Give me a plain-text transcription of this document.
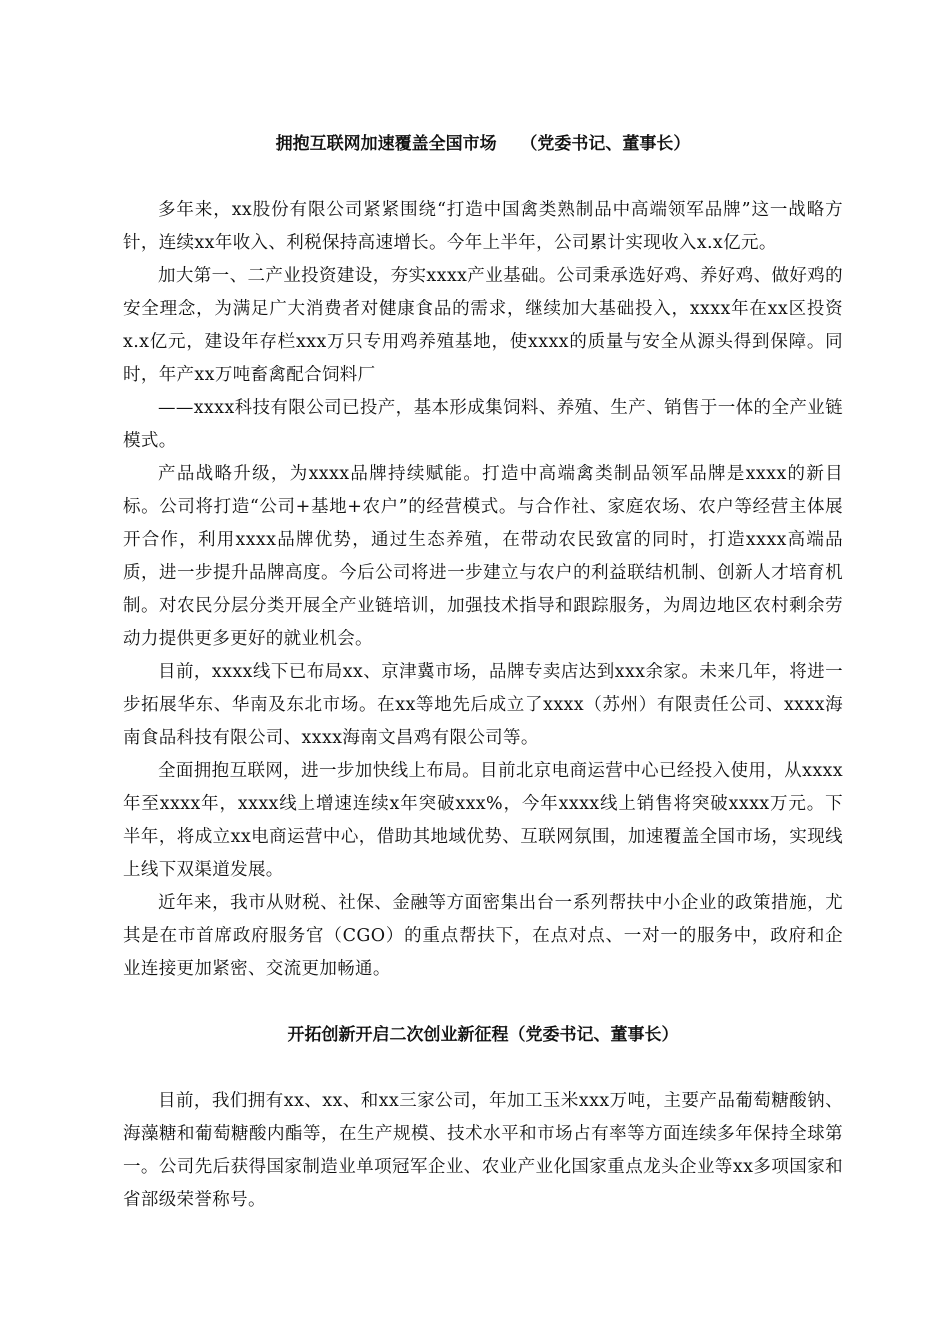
拥抱互联网加速覆盖全国市场    （党委书记、董事长）

多年来，xx股份有限公司紧紧围绕“打造中国禽类熟制品中高端领军品牌”这一战略方针，连续xx年收入、利税保持高速增长。今年上半年，公司累计实现收入x.x亿元。

加大第一、二产业投资建设，夯实xxxx产业基础。公司秉承选好鸡、养好鸡、做好鸡的安全理念，为满足广大消费者对健康食品的需求，继续加大基础投入，xxxx年在xx区投资x.x亿元，建设年存栏xxx万只专用鸡养殖基地，使xxxx的质量与安全从源头得到保障。同时，年产xx万吨畜禽配合饲料厂

——xxxx科技有限公司已投产，基本形成集饲料、养殖、生产、销售于一体的全产业链模式。

产品战略升级，为xxxx品牌持续赋能。打造中高端禽类制品领军品牌是xxxx的新目标。公司将打造“公司+基地+农户”的经营模式。与合作社、家庭农场、农户等经营主体展开合作，利用xxxx品牌优势，通过生态养殖，在带动农民致富的同时，打造xxxx高端品质，进一步提升品牌高度。今后公司将进一步建立与农户的利益联结机制、创新人才培育机制。对农民分层分类开展全产业链培训，加强技术指导和跟踪服务，为周边地区农村剩余劳动力提供更多更好的就业机会。

目前，xxxx线下已布局xx、京津冀市场，品牌专卖店达到xxx余家。未来几年，将进一步拓展华东、华南及东北市场。在xx等地先后成立了xxxx（苏州）有限责任公司、xxxx海南食品科技有限公司、xxxx海南文昌鸡有限公司等。

全面拥抱互联网，进一步加快线上布局。目前北京电商运营中心已经投入使用，从xxxx年至xxxx年，xxxx线上增速连续x年突破xxx%，今年xxxx线上销售将突破xxxx万元。下半年，将成立xx电商运营中心，借助其地域优势、互联网氛围，加速覆盖全国市场，实现线上线下双渠道发展。

近年来，我市从财税、社保、金融等方面密集出台一系列帮扶中小企业的政策措施，尤其是在市首席政府服务官（CGO）的重点帮扶下，在点对点、一对一的服务中，政府和企业连接更加紧密、交流更加畅通。

开拓创新开启二次创业新征程（党委书记、董事长）

目前，我们拥有xx、xx、和xx三家公司，年加工玉米xxx万吨，主要产品葡萄糖酸钠、海藻糖和葡萄糖酸内酯等，在生产规模、技术水平和市场占有率等方面连续多年保持全球第一。公司先后获得国家制造业单项冠军企业、农业产业化国家重点龙头企业等xx多项国家和省部级荣誉称号。
